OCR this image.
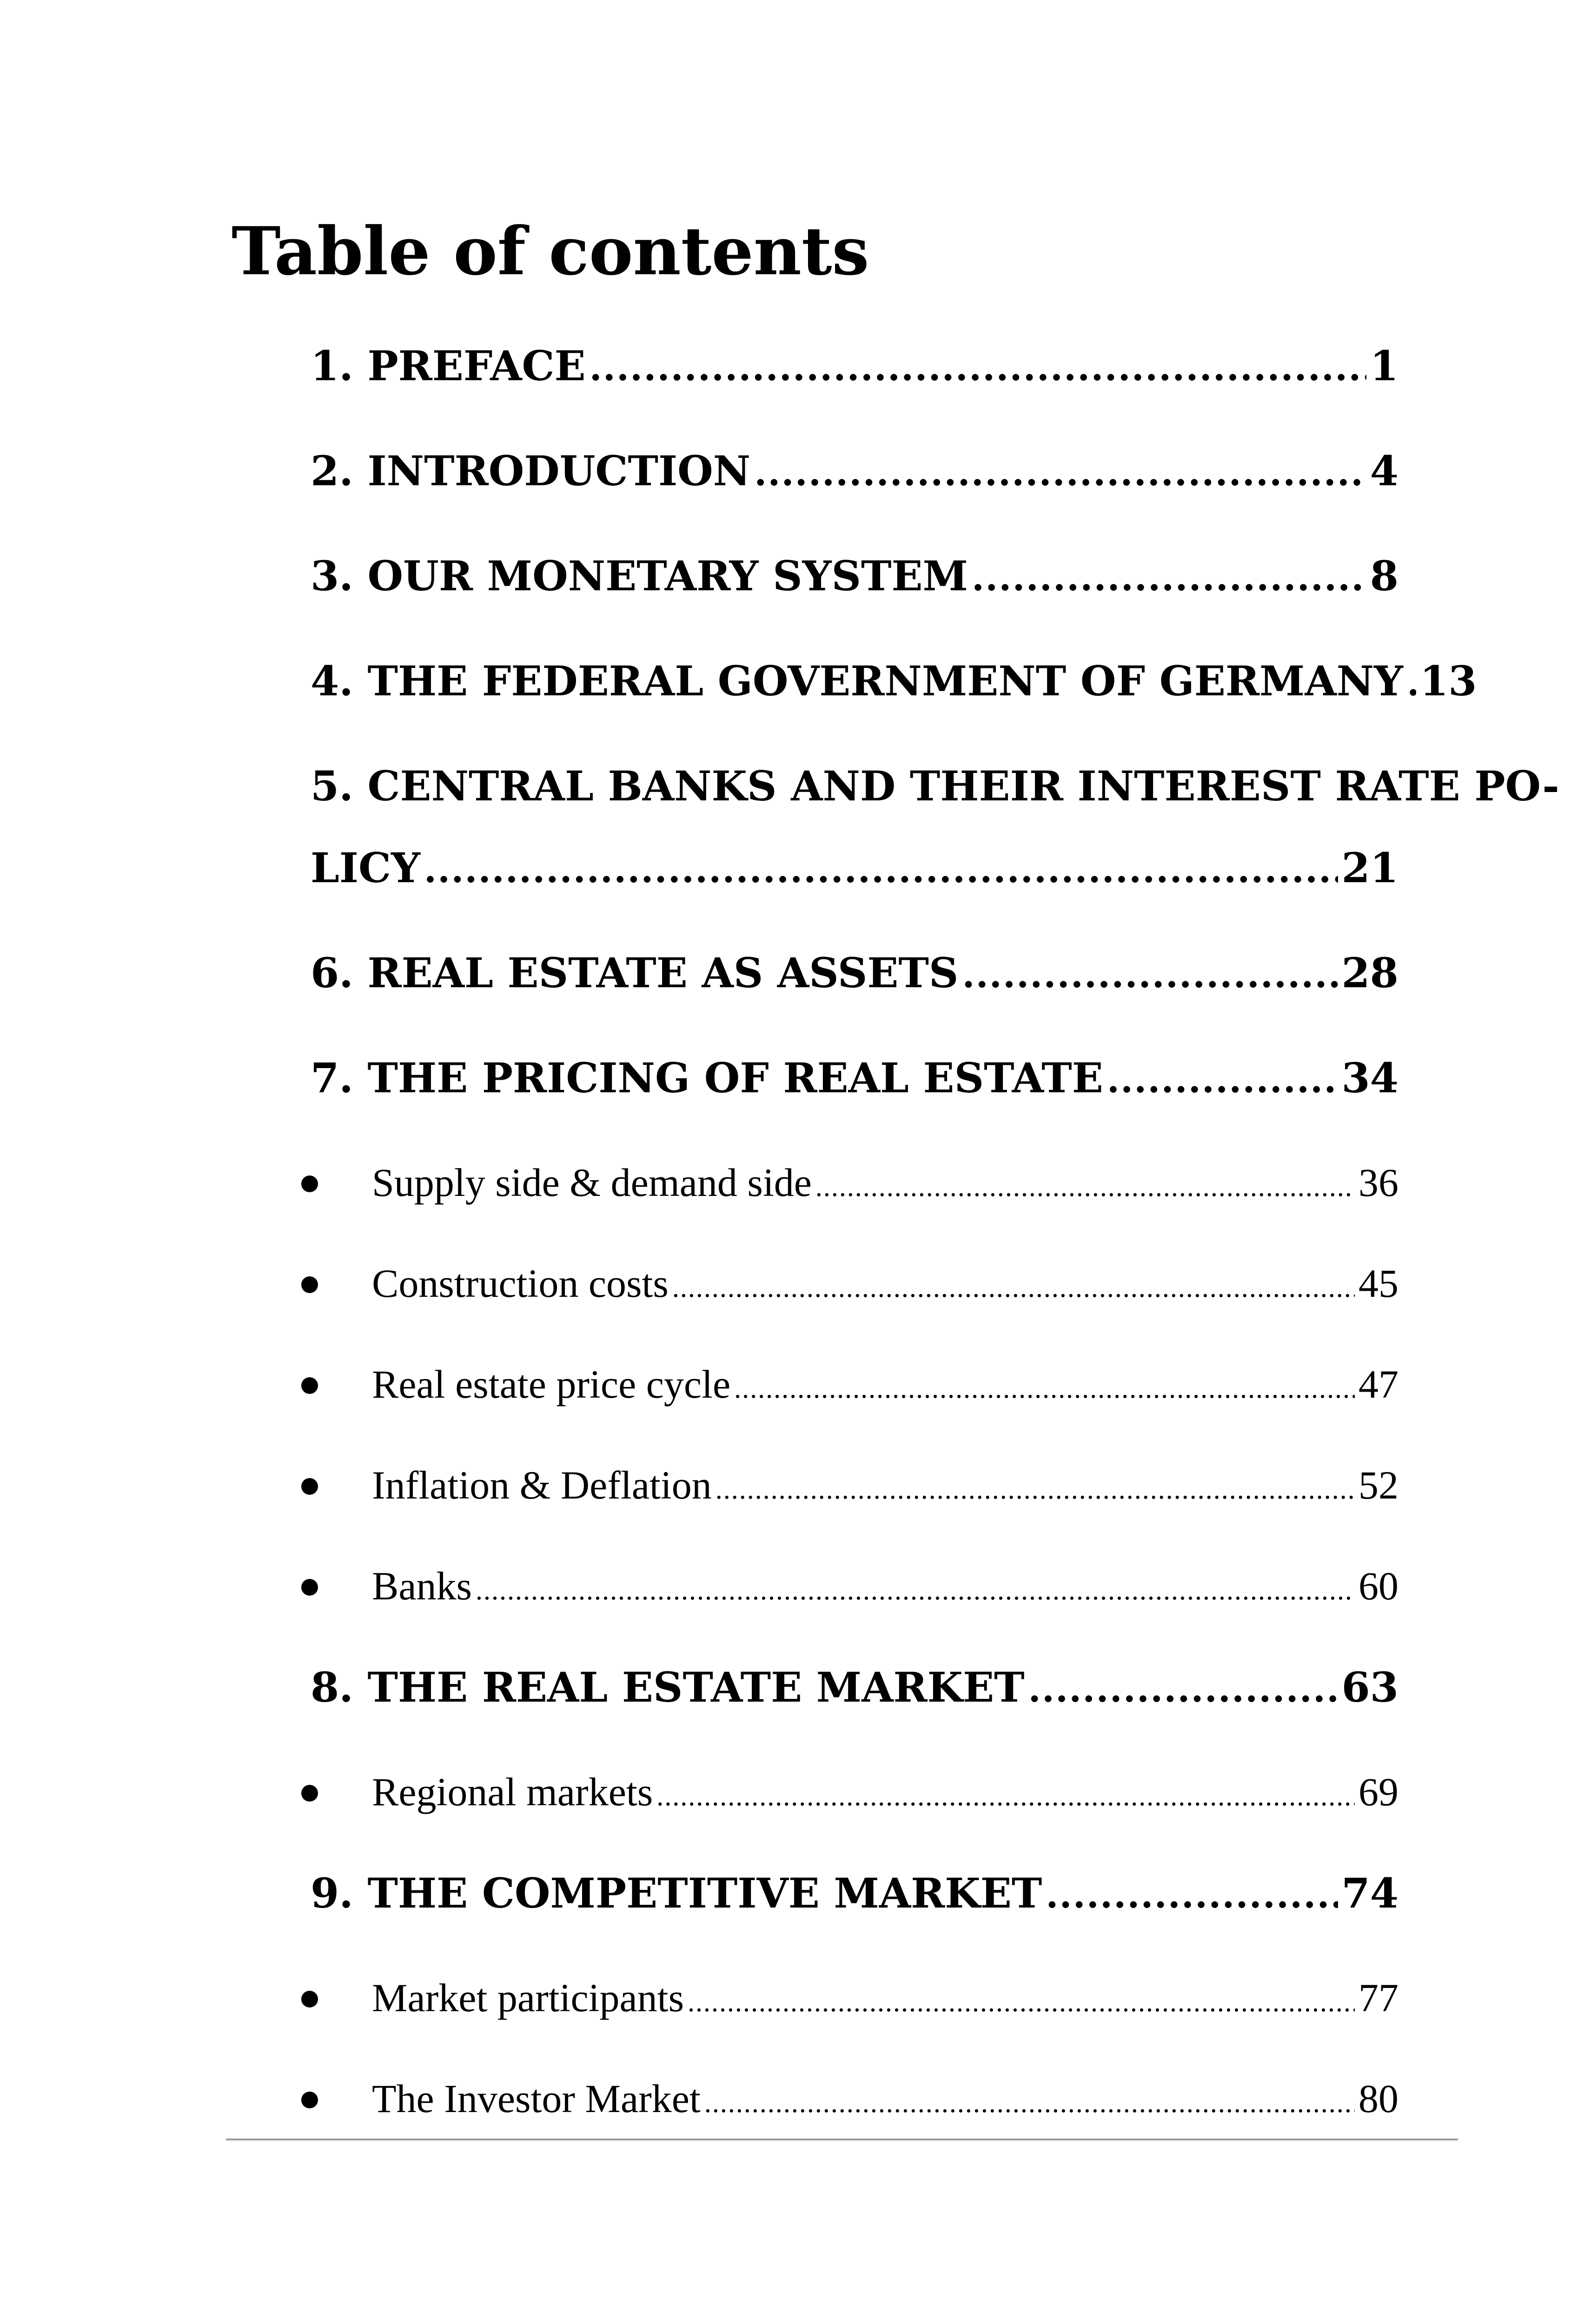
Table of contents
1. PREFACE .....	1
2. INTRODUCTION .....	4
3. OUR MONETARY SYSTEM .....	8
4. THE FEDERAL GOVERNMENT OF GERMANY ..... 13
5. CENTRAL BANKS AND THEIR INTEREST RATE PO-
LICY .....	21
6. REAL ESTATE AS ASSETS .....	28
7. THE PRICING OF REAL ESTATE .....	34
Supply side & demand side .....	36
Construction costs .....	45
Real estate price cycle .....	47
Inflation & Deflation .....	52
Banks .....	60
8. THE REAL ESTATE MARKET .....	63
Regional markets .....	69
9. THE COMPETITIVE MARKET .....	74
Market participants .....	77
The Investor Market .....	80
